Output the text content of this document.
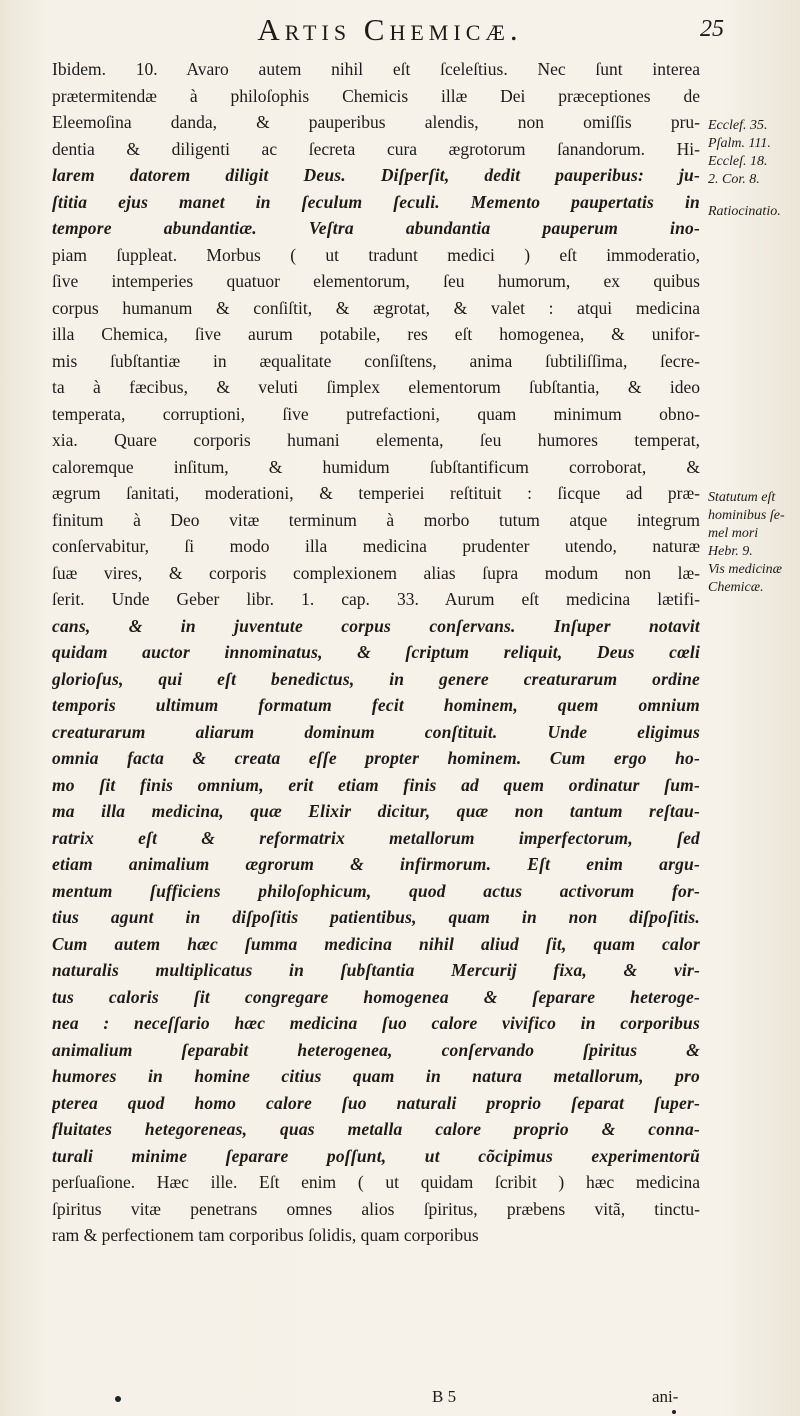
Artis Chemicæ.	25
Ibidem. 10. Avaro autem nihil eſt ſceleſtius. Nec ſunt interea
prætermitendæ à philoſophis Chemicis illæ Dei præceptiones de
Eleemoſina danda, & pauperibus alendis, non omiſſis pru-
dentia & diligenti ac ſecreta cura ægrotorum ſanandorum. Hi-
larem datorem diligit Deus. Diſperſit, dedit pauperibus: ju-
ſtitia ejus manet in ſeculum ſeculi. Memento paupertatis in
tempore abundantiæ. Veſtra abundantia pauperum ino-
piam ſuppleat. Morbus ( ut tradunt medici ) eſt immoderatio,
ſive intemperies quatuor elementorum, ſeu humorum, ex quibus
corpus humanum & conſiſtit, & ægrotat, & valet : atqui medicina
illa Chemica, ſive aurum potabile, res eſt homogenea, & unifor-
mis ſubſtantiæ in æqualitate conſiſtens, anima ſubtiliſſima, ſecre-
ta à fæcibus, & veluti ſimplex elementorum ſubſtantia, & ideo
temperata, corruptioni, ſive putrefactioni, quam minimum obno-
xia. Quare corporis humani elementa, ſeu humores temperat,
caloremque inſitum, & humidum ſubſtantificum corroborat, &
ægrum ſanitati, moderationi, & temperiei reſtituit : ſicque ad præ-
finitum à Deo vitæ terminum à morbo tutum atque integrum
conſervabitur, ſi modo illa medicina prudenter utendo, naturæ
ſuæ vires, & corporis complexionem alias ſupra modum non læ-
ſerit. Unde Geber libr. 1. cap. 33. Aurum eſt medicina lætifi-
cans, & in juventute corpus conſervans. Inſuper notavit
quidam auctor innominatus, & ſcriptum reliquit, Deus cœli
glorioſus, qui eſt benedictus, in genere creaturarum ordine
temporis ultimum formatum fecit hominem, quem omnium
creaturarum aliarum dominum conſtituit. Unde eligimus
omnia facta & creata eſſe propter hominem. Cum ergo ho-
mo ſit finis omnium, erit etiam finis ad quem ordinatur ſum-
ma illa medicina, quæ Elixir dicitur, quæ non tantum reſtau-
ratrix eſt & reformatrix metallorum imperfectorum, ſed
etiam animalium ægrorum & infirmorum. Eſt enim argu-
mentum ſufficiens philoſophicum, quod actus activorum for-
tius agunt in diſpoſitis patientibus, quam in non diſpoſitis.
Cum autem hæc ſumma medicina nihil aliud ſit, quam calor
naturalis multiplicatus in ſubſtantia Mercurij fixa, & vir-
tus caloris ſit congregare homogenea & ſeparare heteroge-
nea : neceſſario hæc medicina ſuo calore vivifico in corporibus
animalium ſeparabit heterogenea, conſervando ſpiritus &
humores in homine citius quam in natura metallorum, pro
pterea quod homo calore ſuo naturali proprio ſeparat ſuper-
fluitates hetegoreneas, quas metalla calore proprio & conna-
turali minime ſeparare poſſunt, ut cõcipimus experimentorũ
perſuaſione. Hæc ille. Eſt enim ( ut quidam ſcribit ) hæc medicina
ſpiritus vitæ penetrans omnes alios ſpiritus, præbens vitã, tinctu-
ram & perfectionem tam corporibus ſolidis, quam corporibus
Ecclef. 35.
Pſalm. 111.
Eccleſ. 18.
2. Cor. 8.
Ratiocinatio.
Statutum eſt
hominibus ſe-
mel mori
Hebr. 9.
Vis medicinæ
Chemicæ.
B 5	ani-
